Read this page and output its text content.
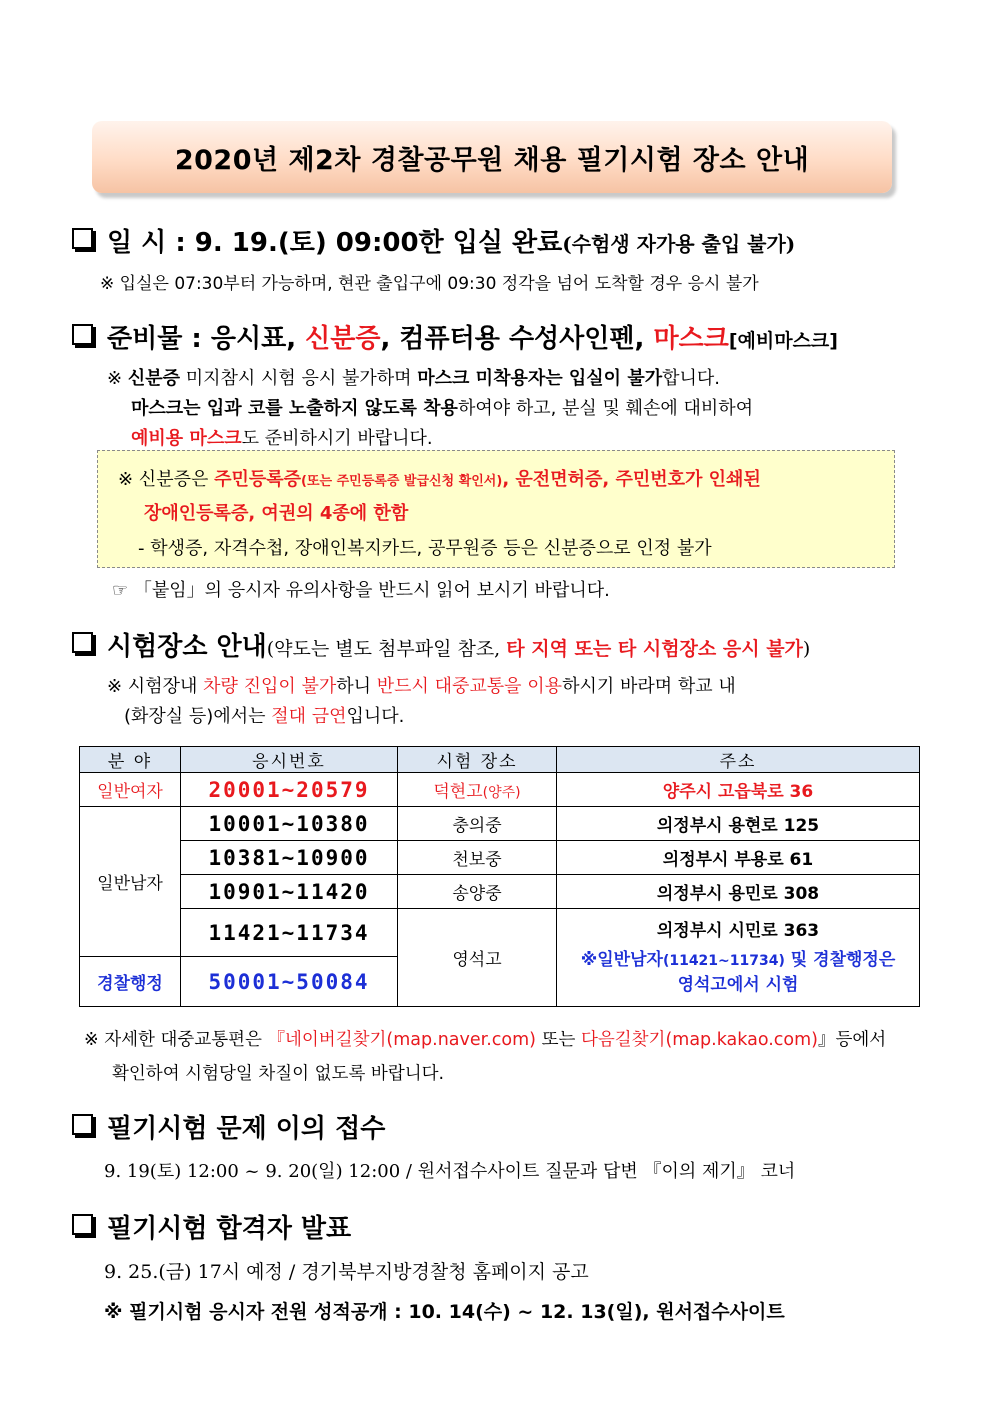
2020년 제2차 경찰공무원 채용 필기시험 장소 안내
일 시 : 9. 19.(토) 09:00한 입실 완료(수험생 자가용 출입 불가)
※ 입실은 07:30부터 가능하며, 현관 출입구에 09:30 정각을 넘어 도착할 경우 응시 불가
준비물 : 응시표, 신분증, 컴퓨터용 수성사인펜, 마스크[예비마스크]
※ 신분증 미지참시 시험 응시 불가하며 마스크 미착용자는 입실이 불가합니다.
마스크는 입과 코를 노출하지 않도록 착용하여야 하고, 분실 및 훼손에 대비하여
예비용 마스크도 준비하시기 바랍니다.
※ 신분증은 주민등록증(또는 주민등록증 발급신청 확인서), 운전면허증, 주민번호가 인쇄된
장애인등록증, 여권의 4종에 한함
- 학생증, 자격수첩, 장애인복지카드, 공무원증 등은 신분증으로 인정 불가
☞ 「붙임」의 응시자 유의사항을 반드시 읽어 보시기 바랍니다.
시험장소 안내(약도는 별도 첨부파일 참조, 타 지역 또는 타 시험장소 응시 불가)
※ 시험장내 차량 진입이 불가하니 반드시 대중교통을 이용하시기 바라며 학교 내
(화장실 등)에서는 절대 금연입니다.
분 야	응시번호	시험 장소	주소
일반여자	20001~20579	덕현고(양주)	양주시 고읍북로 36
일반남자	10001~10380	충의중	의정부시 용현로 125
	10381~10900	천보중	의정부시 부용로 61
	10901~11420	송양중	의정부시 용민로 308
	11421~11734	영석고	의정부시 시민로 363
※일반남자(11421~11734) 및 경찰행정은
영석고에서 시험

경찰행정	50001~50084		
※ 자세한 대중교통편은 『네이버길찾기(map.naver.com) 또는 다음길찾기(map.kakao.com)』등에서
확인하여 시험당일 차질이 없도록 바랍니다.
필기시험 문제 이의 접수
9. 19(토) 12:00 ~ 9. 20(일) 12:00 / 원서접수사이트 질문과 답변 『이의 제기』 코너
필기시험 합격자 발표
9. 25.(금) 17시 예정 / 경기북부지방경찰청 홈페이지 공고
※ 필기시험 응시자 전원 성적공개 : 10. 14(수) ~ 12. 13(일), 원서접수사이트
